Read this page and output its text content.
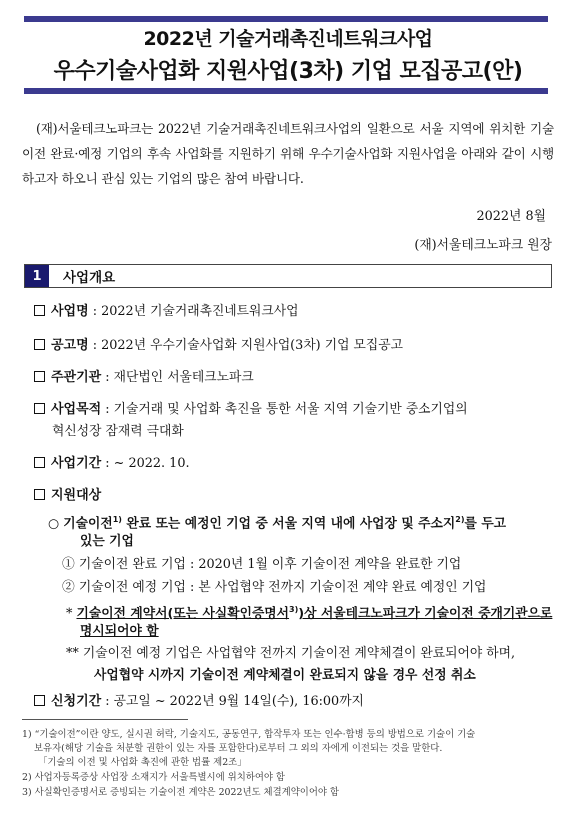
2022년 기술거래촉진네트워크사업
우수기술사업화 지원사업(3차) 기업 모집공고(안)
(재)서울테크노파크는 2022년 기술거래촉진네트워크사업의 일환으로 서울 지역에 위치한 기술이전 완료·예정 기업의 후속 사업화를 지원하기 위해 우수기술사업화 지원사업을 아래와 같이 시행하고자 하오니 관심 있는 기업의 많은 참여 바랍니다.
2022년 8월
(재)서울테크노파크 원장
1	사업개요
사업명 : 2022년 기술거래촉진네트워크사업
공고명 : 2022년 우수기술사업화 지원사업(3차) 기업 모집공고
주관기관 : 재단법인 서울테크노파크
사업목적 : 기술거래 및 사업화 촉진을 통한 서울 지역 기술기반 중소기업의
혁신성장 잠재력 극대화
사업기간 : ~ 2022. 10.
지원대상
○ 기술이전$^{1)}$ 완료 또는 예정인 기업 중 서울 지역 내에 사업장 및 주소지$^{2)}$를 두고
있는 기업
① 기술이전 완료 기업 : 2020년 1월 이후 기술이전 계약을 완료한 기업
② 기술이전 예정 기업 : 본 사업협약 전까지 기술이전 계약 완료 예정인 기업
* 기술이전 계약서(또는 사실확인증명서$^{3)}$)상 서울테크노파크가 기술이전 중개기관으로
명시되어야 함
** 기술이전 예정 기업은 사업협약 전까지 기술이전 계약체결이 완료되어야 하며,
사업협약 시까지 기술이전 계약체결이 완료되지 않을 경우 선정 취소
신청기간 : 공고일 ~ 2022년 9월 14일(수), 16:00까지
1) “기술이전”이란 양도, 실시권 허락, 기술지도, 공동연구, 합작투자 또는 인수·합병 등의 방법으로 기술이 기술
보유자(해당 기술을 처분할 권한이 있는 자를 포함한다)로부터 그 외의 자에게 이전되는 것을 말한다.
「기술의 이전 및 사업화 촉진에 관한 법률 제2조」
2) 사업자등록증상 사업장 소재지가 서울특별시에 위치하여야 함
3) 사실확인증명서로 증빙되는 기술이전 계약은 2022년도 체결계약이어야 함
